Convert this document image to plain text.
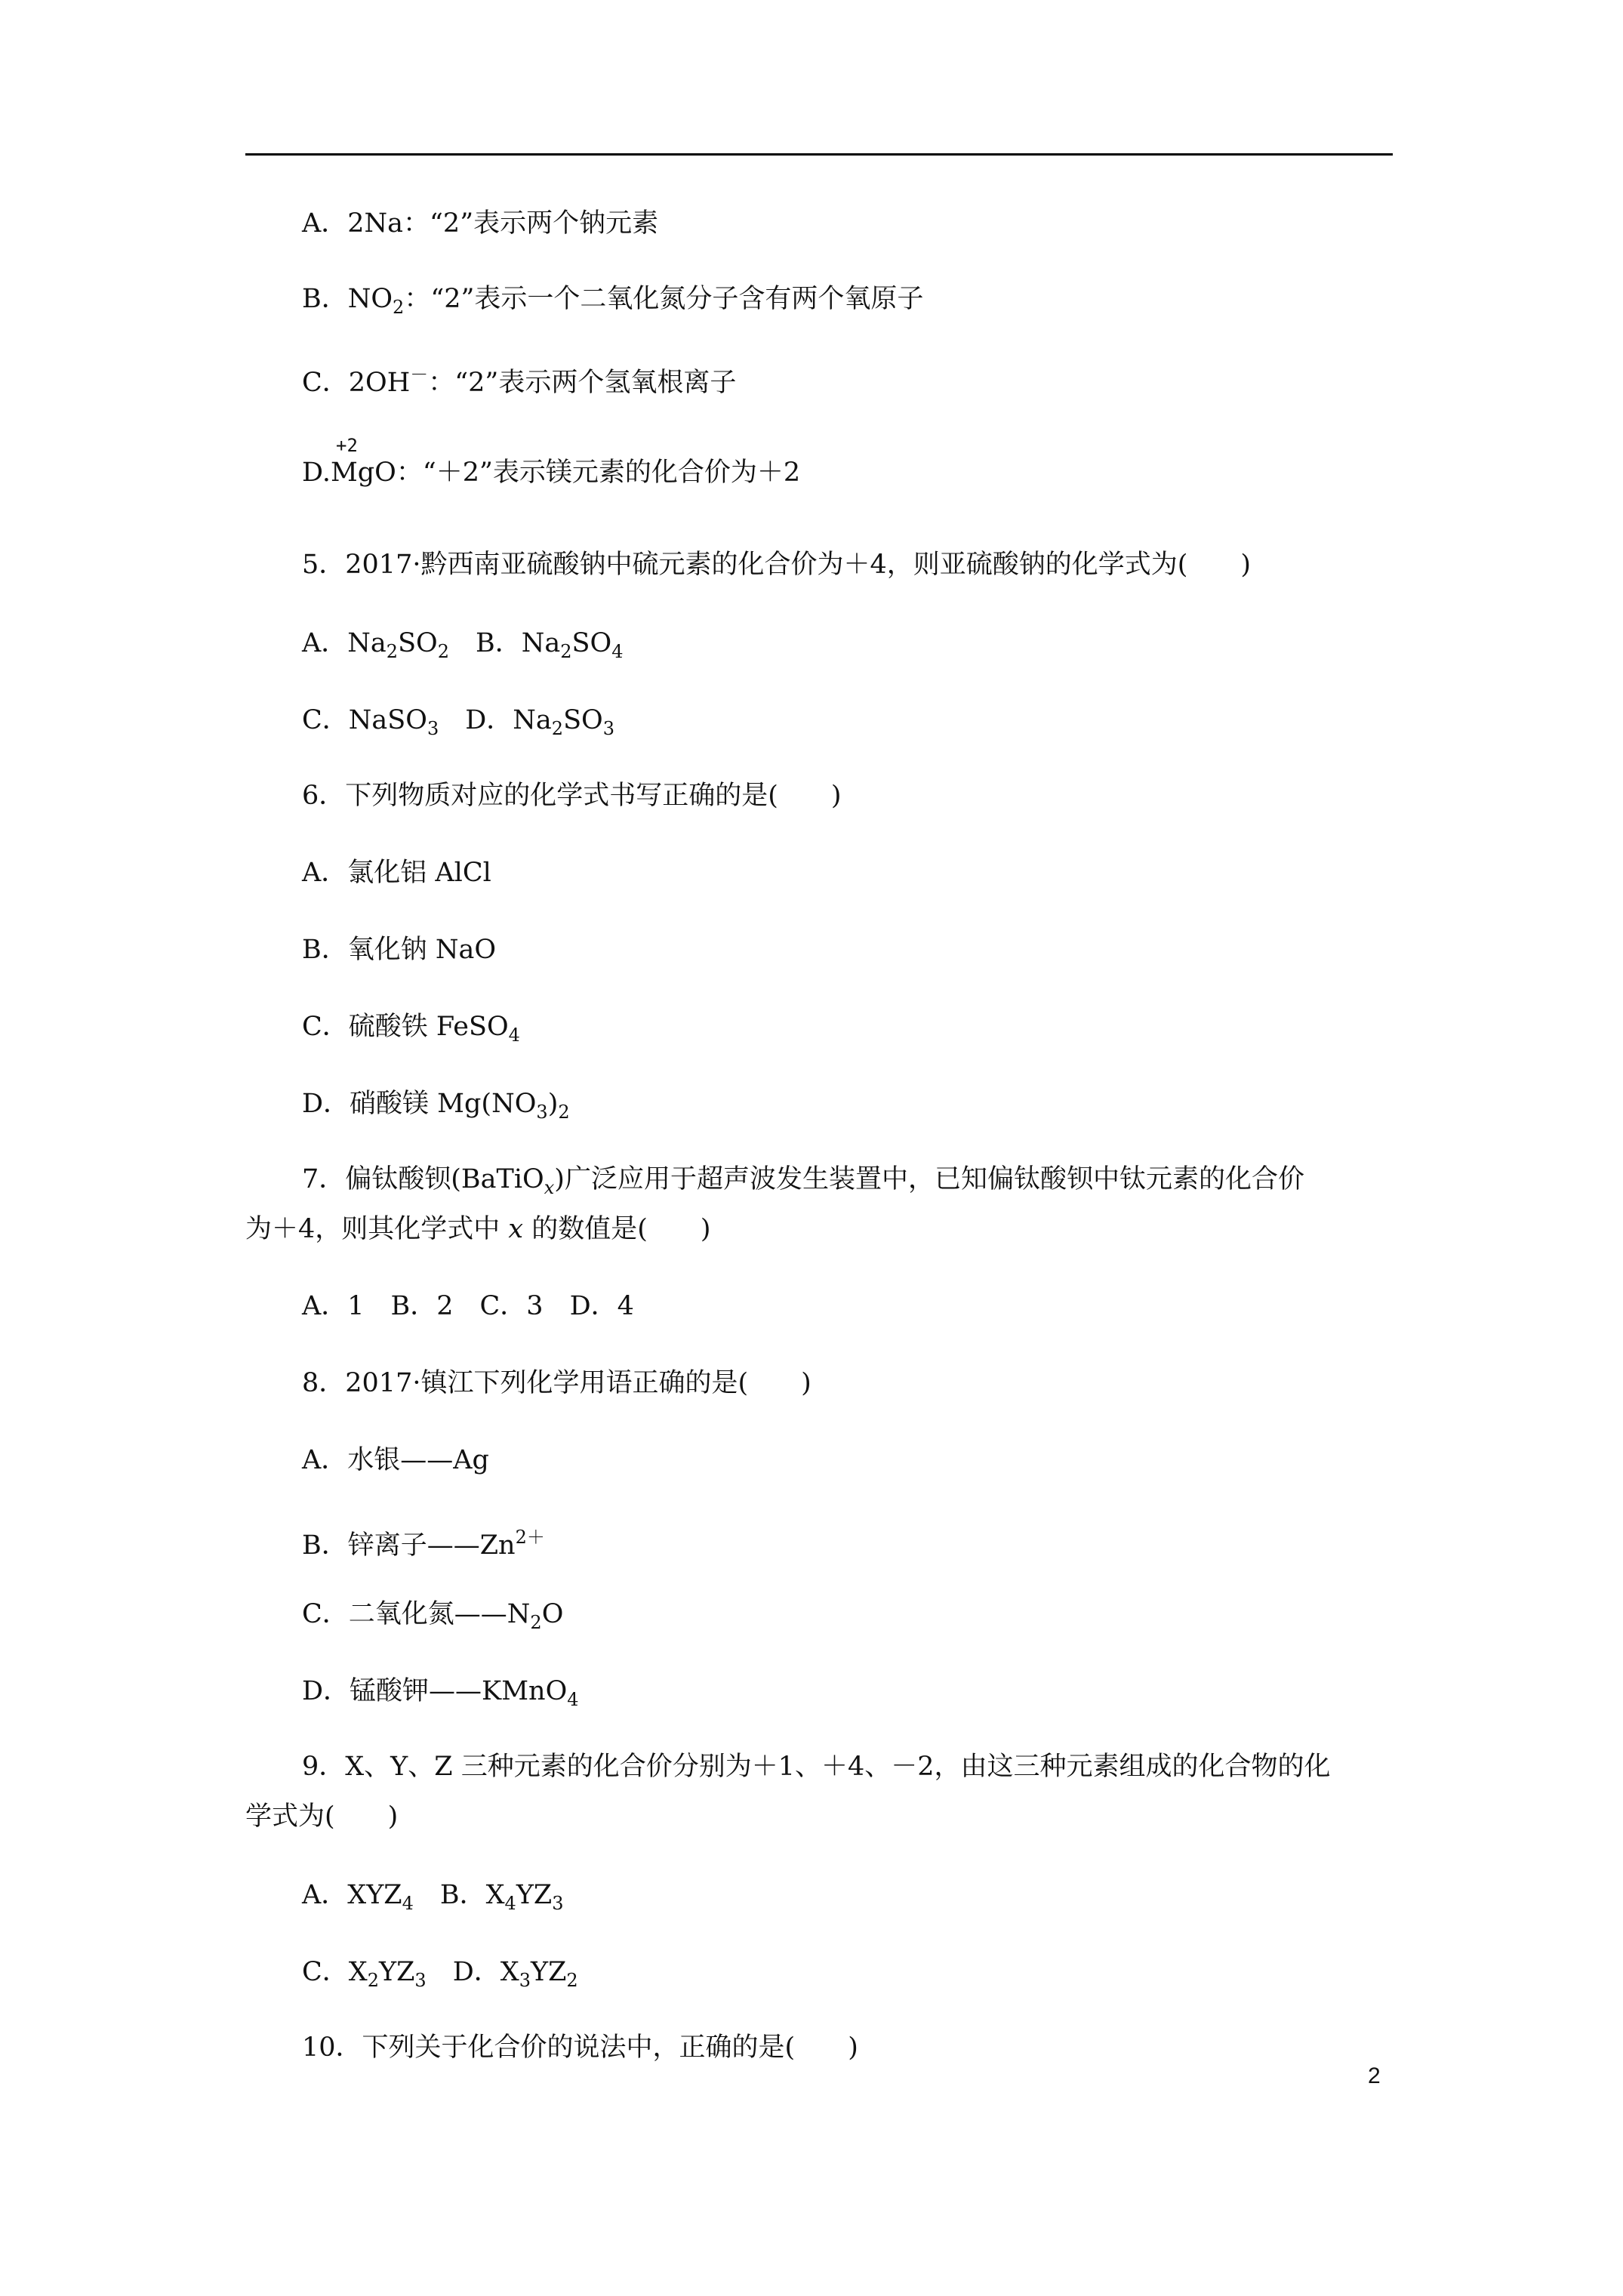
A．2Na：“2”表示两个钠元素
B．$NO_2$：“2”表示一个二氧化氮分子含有两个氧原子
C．2OH－：“2”表示两个氢氧根离子
+2
D.MgO：“＋2”表示镁元素的化合价为＋2
5．2017·黔西南亚硫酸钠中硫元素的化合价为＋4，则亚硫酸钠的化学式为(　　)
A．$Na_2SO_2$  B．$Na_2SO_4$
C．NaSO$_3$  D．$Na_2SO_3$
6．下列物质对应的化学式书写正确的是(　　)
A．氯化铝 AlCl
B．氧化钠 NaO
C．硫酸铁 FeSO$_4$
D．硝酸镁 $Mg(NO_3)_2$
7．偏钛酸钡(BaTiO$_x$)广泛应用于超声波发生装置中，已知偏钛酸钡中钛元素的化合价
为＋4，则其化学式中 x 的数值是(　　)
A．1　B．2　C．3　D．4
8．2017·镇江下列化学用语正确的是(　　)
A．水银——Ag
B．锌离子$——Zn^{2+}$
C．二氧化氮$——N_2O$
D．锰酸钾——KMnO$_4$
9．X、Y、Z 三种元素的化合价分别为＋1、＋4、－2，由这三种元素组成的化合物的化
学式为(　　)
A．$XYZ_4$  B．$X_4YZ_3$
C．$X_2YZ_3$  D．$X_3YZ_2$
10．下列关于化合价的说法中，正确的是(　　)
2
